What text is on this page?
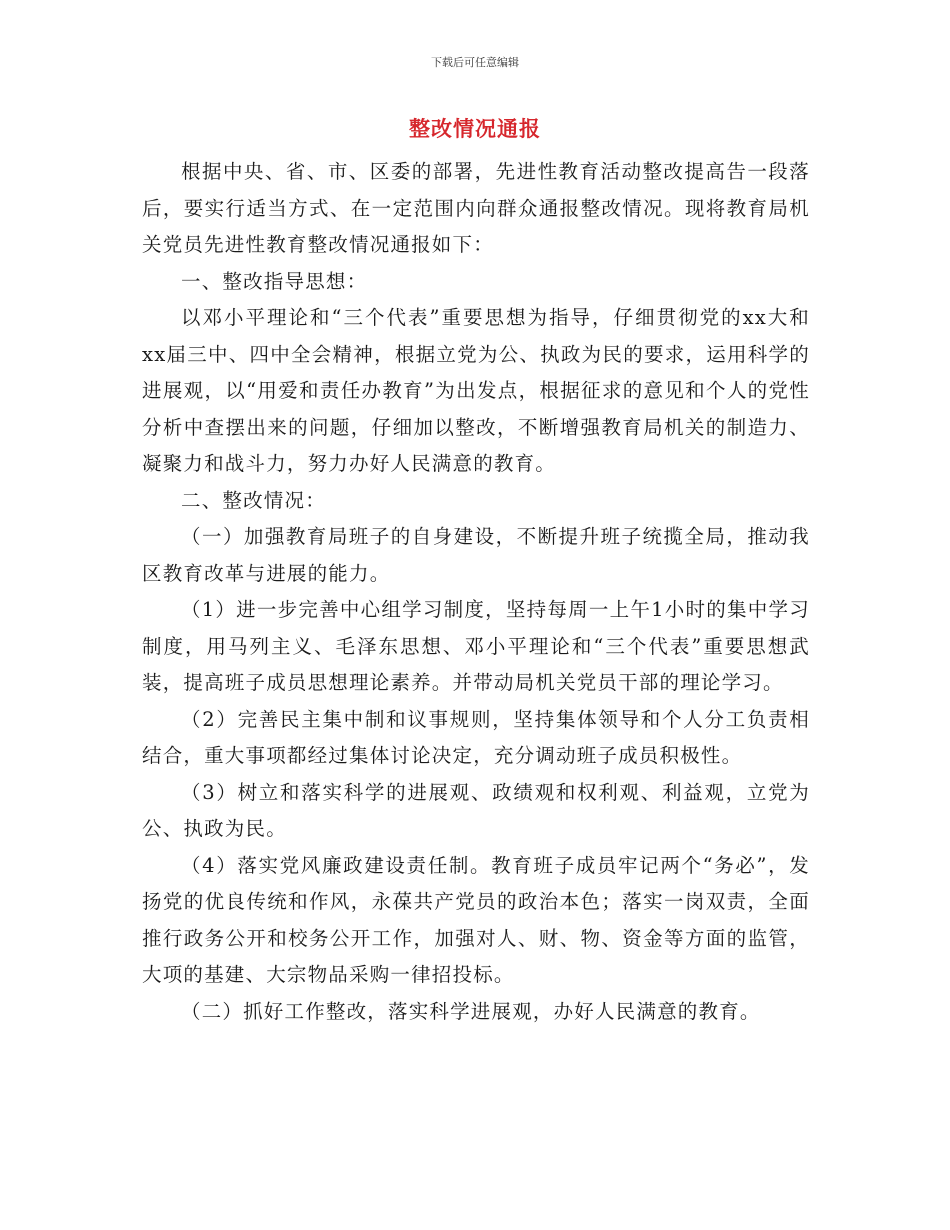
下载后可任意编辑
整改情况通报

根据中央、省、市、区委的部署，先进性教育活动整改提高告一段落后，要实行适当方式、在一定范围内向群众通报整改情况。现将教育局机关党员先进性教育整改情况通报如下：

一、整改指导思想：

以邓小平理论和“三个代表”重要思想为指导，仔细贯彻党的xx大和xx届三中、四中全会精神，根据立党为公、执政为民的要求，运用科学的进展观，以“用爱和责任办教育”为出发点，根据征求的意见和个人的党性分析中查摆出来的问题，仔细加以整改，不断增强教育局机关的制造力、凝聚力和战斗力，努力办好人民满意的教育。

二、整改情况：

（一）加强教育局班子的自身建设，不断提升班子统揽全局，推动我区教育改革与进展的能力。

（1）进一步完善中心组学习制度，坚持每周一上午1小时的集中学习制度，用马列主义、毛泽东思想、邓小平理论和“三个代表”重要思想武装，提高班子成员思想理论素养。并带动局机关党员干部的理论学习。

（2）完善民主集中制和议事规则，坚持集体领导和个人分工负责相结合，重大事项都经过集体讨论决定，充分调动班子成员积极性。

（3）树立和落实科学的进展观、政绩观和权利观、利益观，立党为公、执政为民。

（4）落实党风廉政建设责任制。教育班子成员牢记两个“务必”，发扬党的优良传统和作风，永葆共产党员的政治本色；落实一岗双责，全面推行政务公开和校务公开工作，加强对人、财、物、资金等方面的监管，大项的基建、大宗物品采购一律招投标。

（二）抓好工作整改，落实科学进展观，办好人民满意的教育。
